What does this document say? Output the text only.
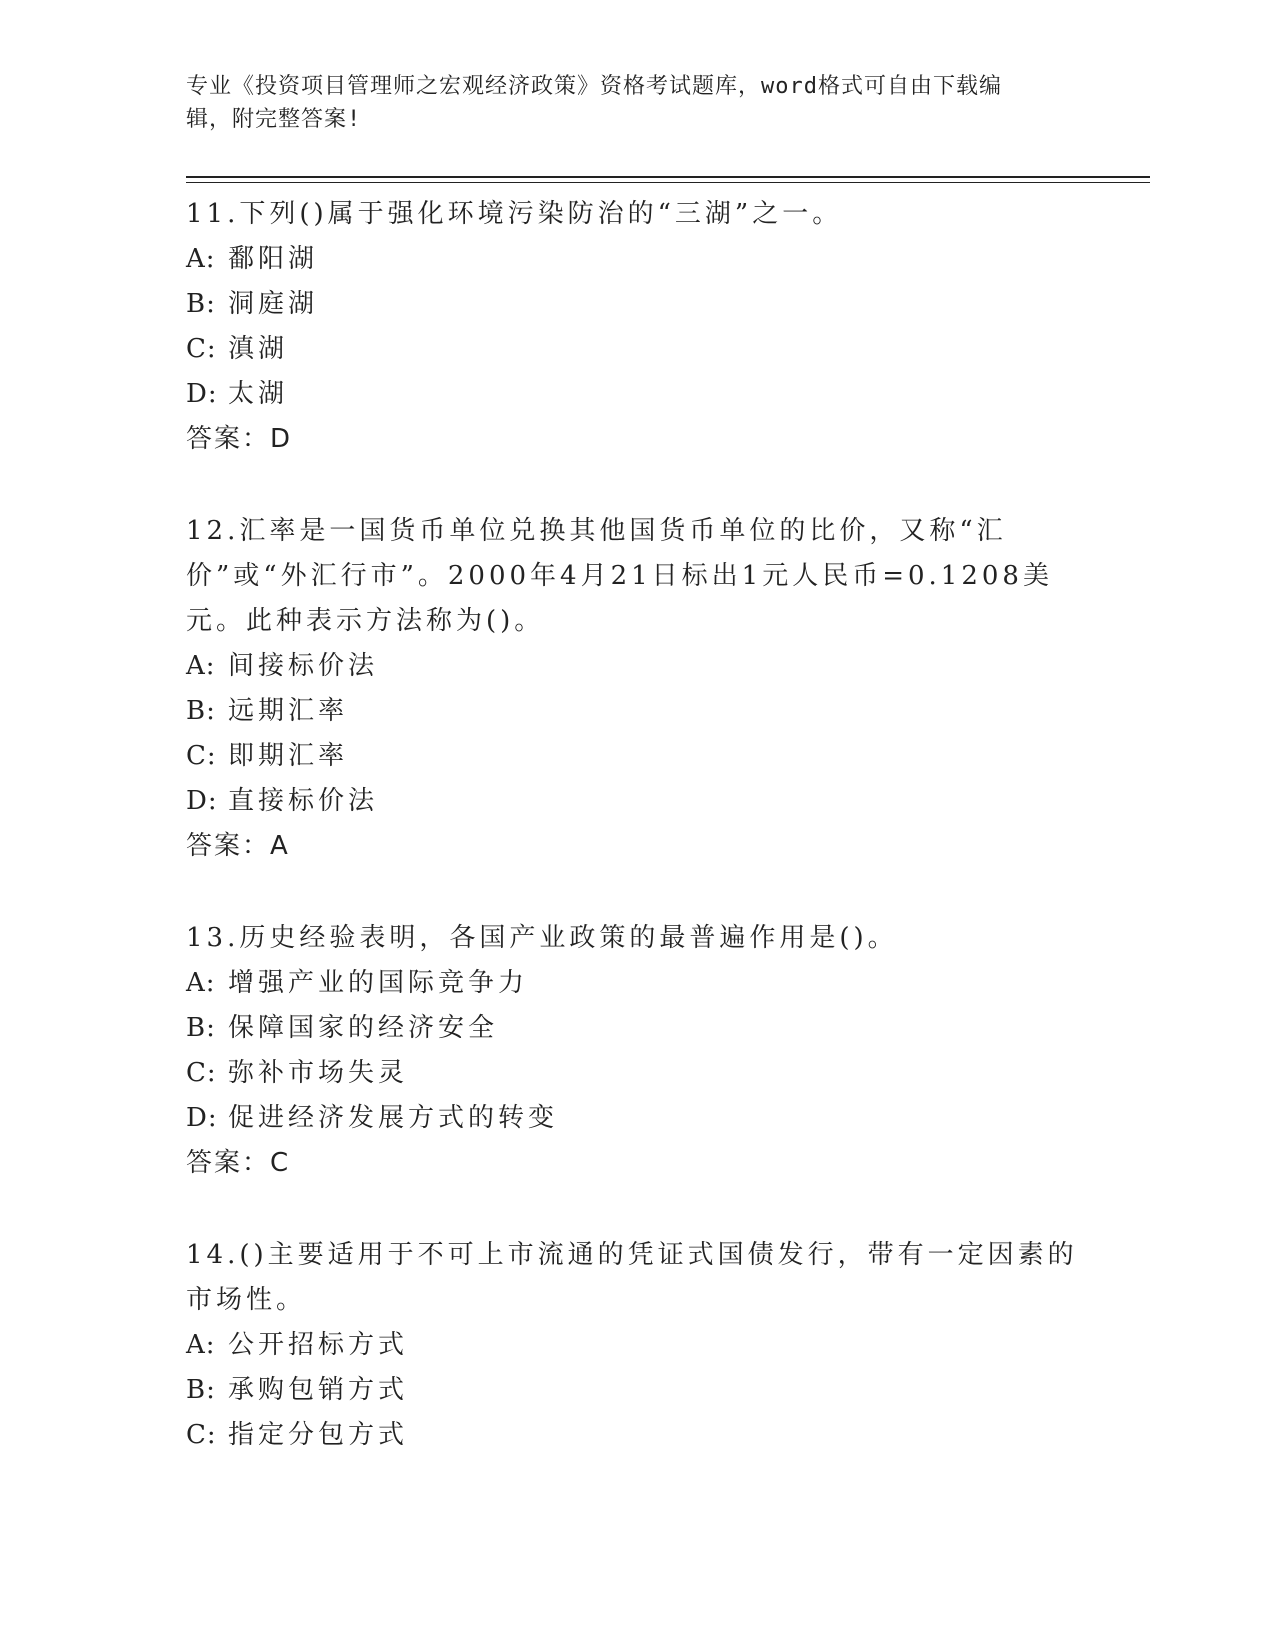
专业《投资项目管理师之宏观经济政策》资格考试题库，word格式可自由下载编
辑，附完整答案!

11.下列()属于强化环境污染防治的“三湖”之一。

A: 鄱阳湖

B: 洞庭湖

C: 滇湖

D: 太湖

答案：D

12.汇率是一国货币单位兑换其他国货币单位的比价，又称“汇价”或“外汇行市”。2000年4月21日标出1元人民币=0.1208美元。此种表示方法称为()。

A: 间接标价法

B: 远期汇率

C: 即期汇率

D: 直接标价法

答案：A

13.历史经验表明，各国产业政策的最普遍作用是()。

A: 增强产业的国际竞争力

B: 保障国家的经济安全

C: 弥补市场失灵

D: 促进经济发展方式的转变

答案：C

14.()主要适用于不可上市流通的凭证式国债发行，带有一定因素的市场性。

A: 公开招标方式

B: 承购包销方式

C: 指定分包方式
